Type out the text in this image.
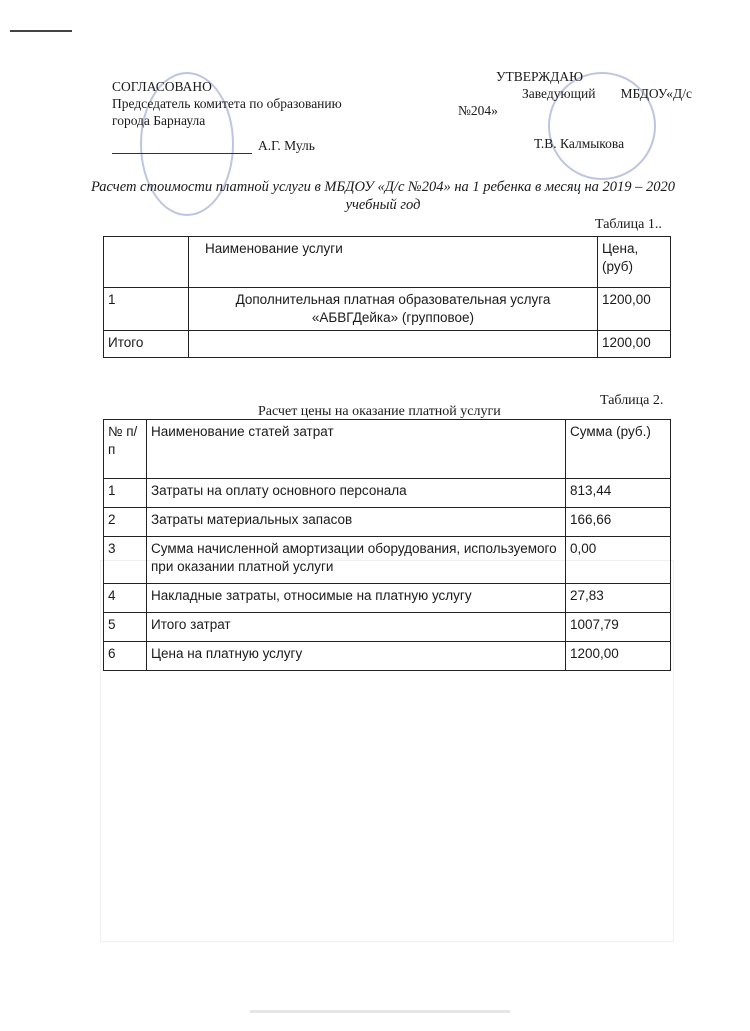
СОГЛАСОВАНО
Председатель комитета по образованию
города Барнаула
А.Г. Муль
УТВЕРЖДАЮ
Заведующий МБДОУ«Д/с
№204»
Т.В. Калмыкова
Расчет стоимости платной услуги в МБДОУ «Д/с №204» на 1 ребенка в месяц на 2019 – 2020 учебный год
Таблица 1..
	Наименование услуги	Цена, (руб)
1	Дополнительная платная образовательная услуга «АБВГДейка» (групповое)	1200,00
Итого		1200,00
Таблица 2.
Расчет цены на оказание платной услуги
№ п/п	Наименование статей затрат	Сумма (руб.)
1	Затраты на оплату основного персонала	813,44
2	Затраты материальных запасов	166,66
3	Сумма начисленной амортизации оборудования, используемого при оказании платной услуги	0,00
4	Накладные затраты, относимые на платную услугу	27,83
5	Итого затрат	1007,79
6	Цена на платную услугу	1200,00
